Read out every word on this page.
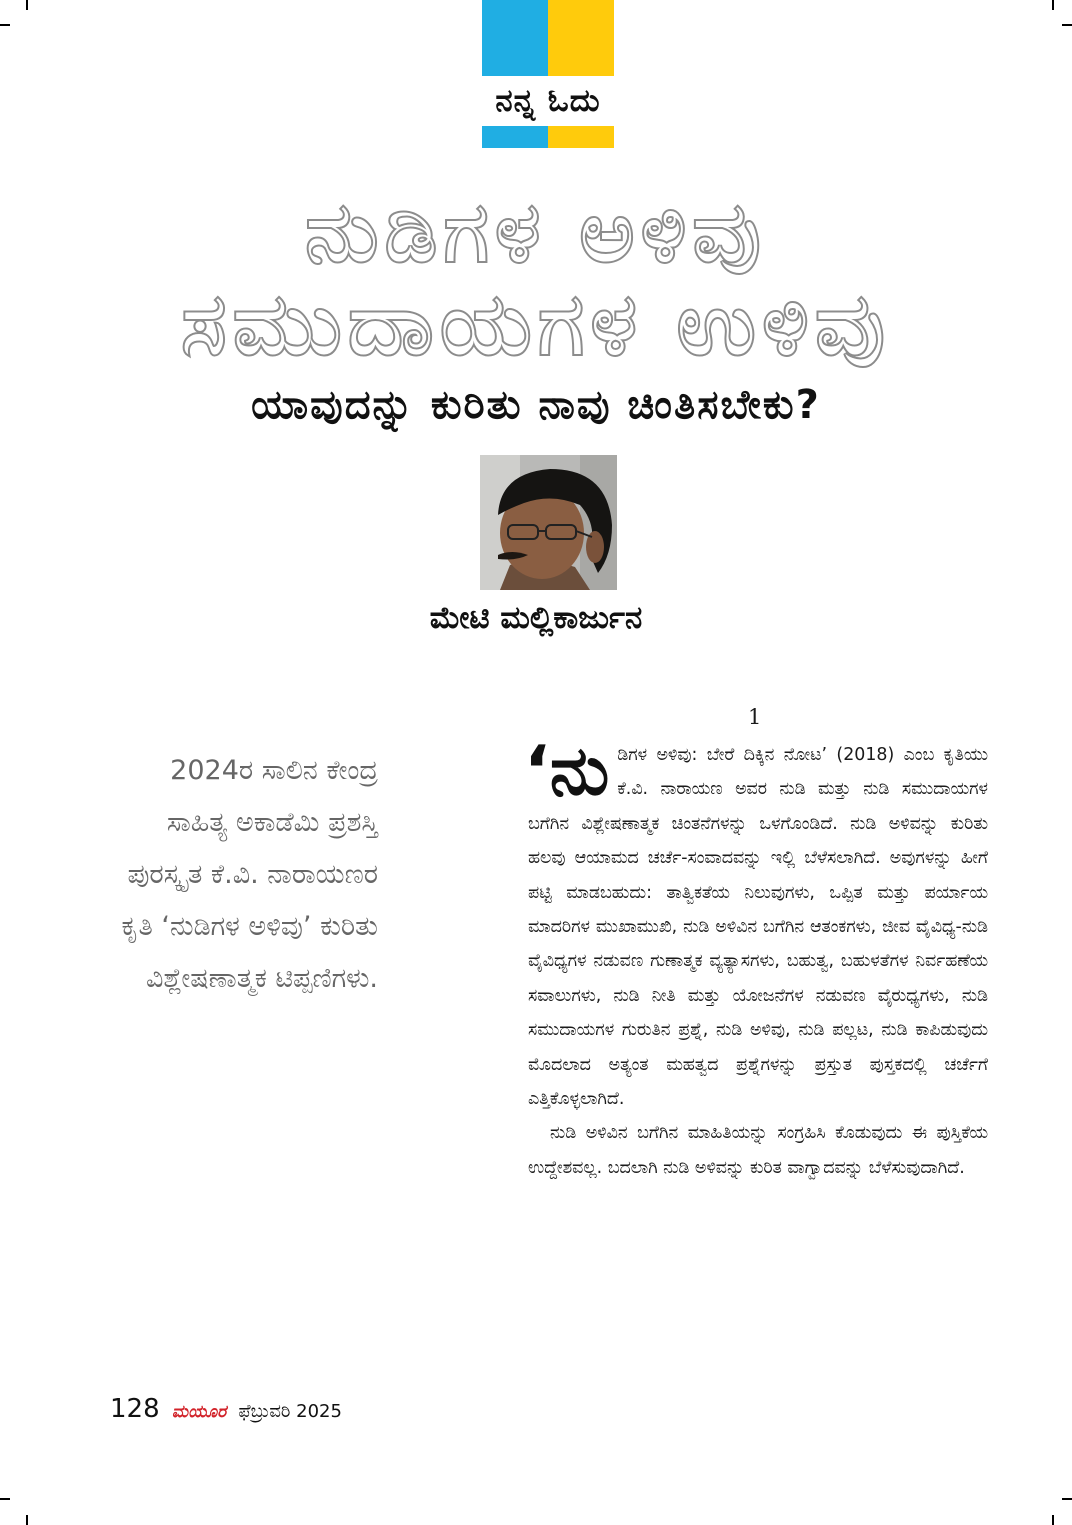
ನನ್ನ ಓದು
ನುಡಿಗಳ ಅಳಿವು
ಸಮುದಾಯಗಳ ಉಳಿವು
ಯಾವುದನ್ನು ಕುರಿತು ನಾವು ಚಿಂತಿಸಬೇಕು?
ಮೇಟಿ ಮಲ್ಲಿಕಾರ್ಜುನ
1
2024ರ ಸಾಲಿನ ಕೇಂದ್ರ ಸಾಹಿತ್ಯ ಅಕಾಡೆಮಿ ಪ್ರಶಸ್ತಿ ಪುರಸ್ಕೃತ ಕೆ.ವಿ. ನಾರಾಯಣರ ಕೃತಿ ‘ನುಡಿಗಳ ಅಳಿವು’ ಕುರಿತು ವಿಶ್ಲೇಷಣಾತ್ಮಕ ಟಿಪ್ಪಣಿಗಳು.

‘ನುಡಿಗಳ ಅಳಿವು: ಬೇರೆ ದಿಕ್ಕಿನ ನೋಟ’ (2018) ಎಂಬ ಕೃತಿಯು ಕೆ.ವಿ. ನಾರಾಯಣ ಅವರ ನುಡಿ ಮತ್ತು ನುಡಿ ಸಮುದಾಯಗಳ ಬಗೆಗಿನ ವಿಶ್ಲೇಷಣಾತ್ಮಕ ಚಿಂತನೆಗಳನ್ನು ಒಳಗೊಂಡಿದೆ. ನುಡಿ ಅಳಿವನ್ನು ಕುರಿತು ಹಲವು ಆಯಾಮದ ಚರ್ಚೆ-ಸಂವಾದವನ್ನು ಇಲ್ಲಿ ಬೆಳೆಸಲಾಗಿದೆ. ಅವುಗಳನ್ನು ಹೀಗೆ ಪಟ್ಟಿ ಮಾಡಬಹುದು: ತಾತ್ವಿಕತೆಯ ನಿಲುವುಗಳು, ಒಪ್ಪಿತ ಮತ್ತು ಪರ್ಯಾಯ ಮಾದರಿಗಳ ಮುಖಾಮುಖಿ, ನುಡಿ ಅಳಿವಿನ ಬಗೆಗಿನ ಆತಂಕಗಳು, ಜೀವ ವೈವಿಧ್ಯ-ನುಡಿ ವೈವಿಧ್ಯಗಳ ನಡುವಣ ಗುಣಾತ್ಮಕ ವ್ಯತ್ಯಾಸಗಳು, ಬಹುತ್ವ, ಬಹುಳತೆಗಳ ನಿರ್ವಹಣೆಯ ಸವಾಲುಗಳು, ನುಡಿ ನೀತಿ ಮತ್ತು ಯೋಜನೆಗಳ ನಡುವಣ ವೈರುಧ್ಯಗಳು, ನುಡಿ ಸಮುದಾಯಗಳ ಗುರುತಿನ ಪ್ರಶ್ನೆ, ನುಡಿ ಅಳಿವು, ನುಡಿ ಪಲ್ಲಟ, ನುಡಿ ಕಾಪಿಡುವುದು ಮೊದಲಾದ ಅತ್ಯಂತ ಮಹತ್ವದ ಪ್ರಶ್ನೆಗಳನ್ನು ಪ್ರಸ್ತುತ ಪುಸ್ತಕದಲ್ಲಿ ಚರ್ಚೆಗೆ ಎತ್ತಿಕೊಳ್ಳಲಾಗಿದೆ.

ನುಡಿ ಅಳಿವಿನ ಬಗೆಗಿನ ಮಾಹಿತಿಯನ್ನು ಸಂಗ್ರಹಿಸಿ ಕೊಡುವುದು ಈ ಪುಸ್ತಿಕೆಯ ಉದ್ದೇಶವಲ್ಲ. ಬದಲಾಗಿ ನುಡಿ ಅಳಿವನ್ನು ಕುರಿತ ವಾಗ್ವಾದವನ್ನು ಬೆಳೆಸುವುದಾಗಿದೆ.

128 ಮಯೂರ ಫೆಬ್ರುವರಿ 2025
